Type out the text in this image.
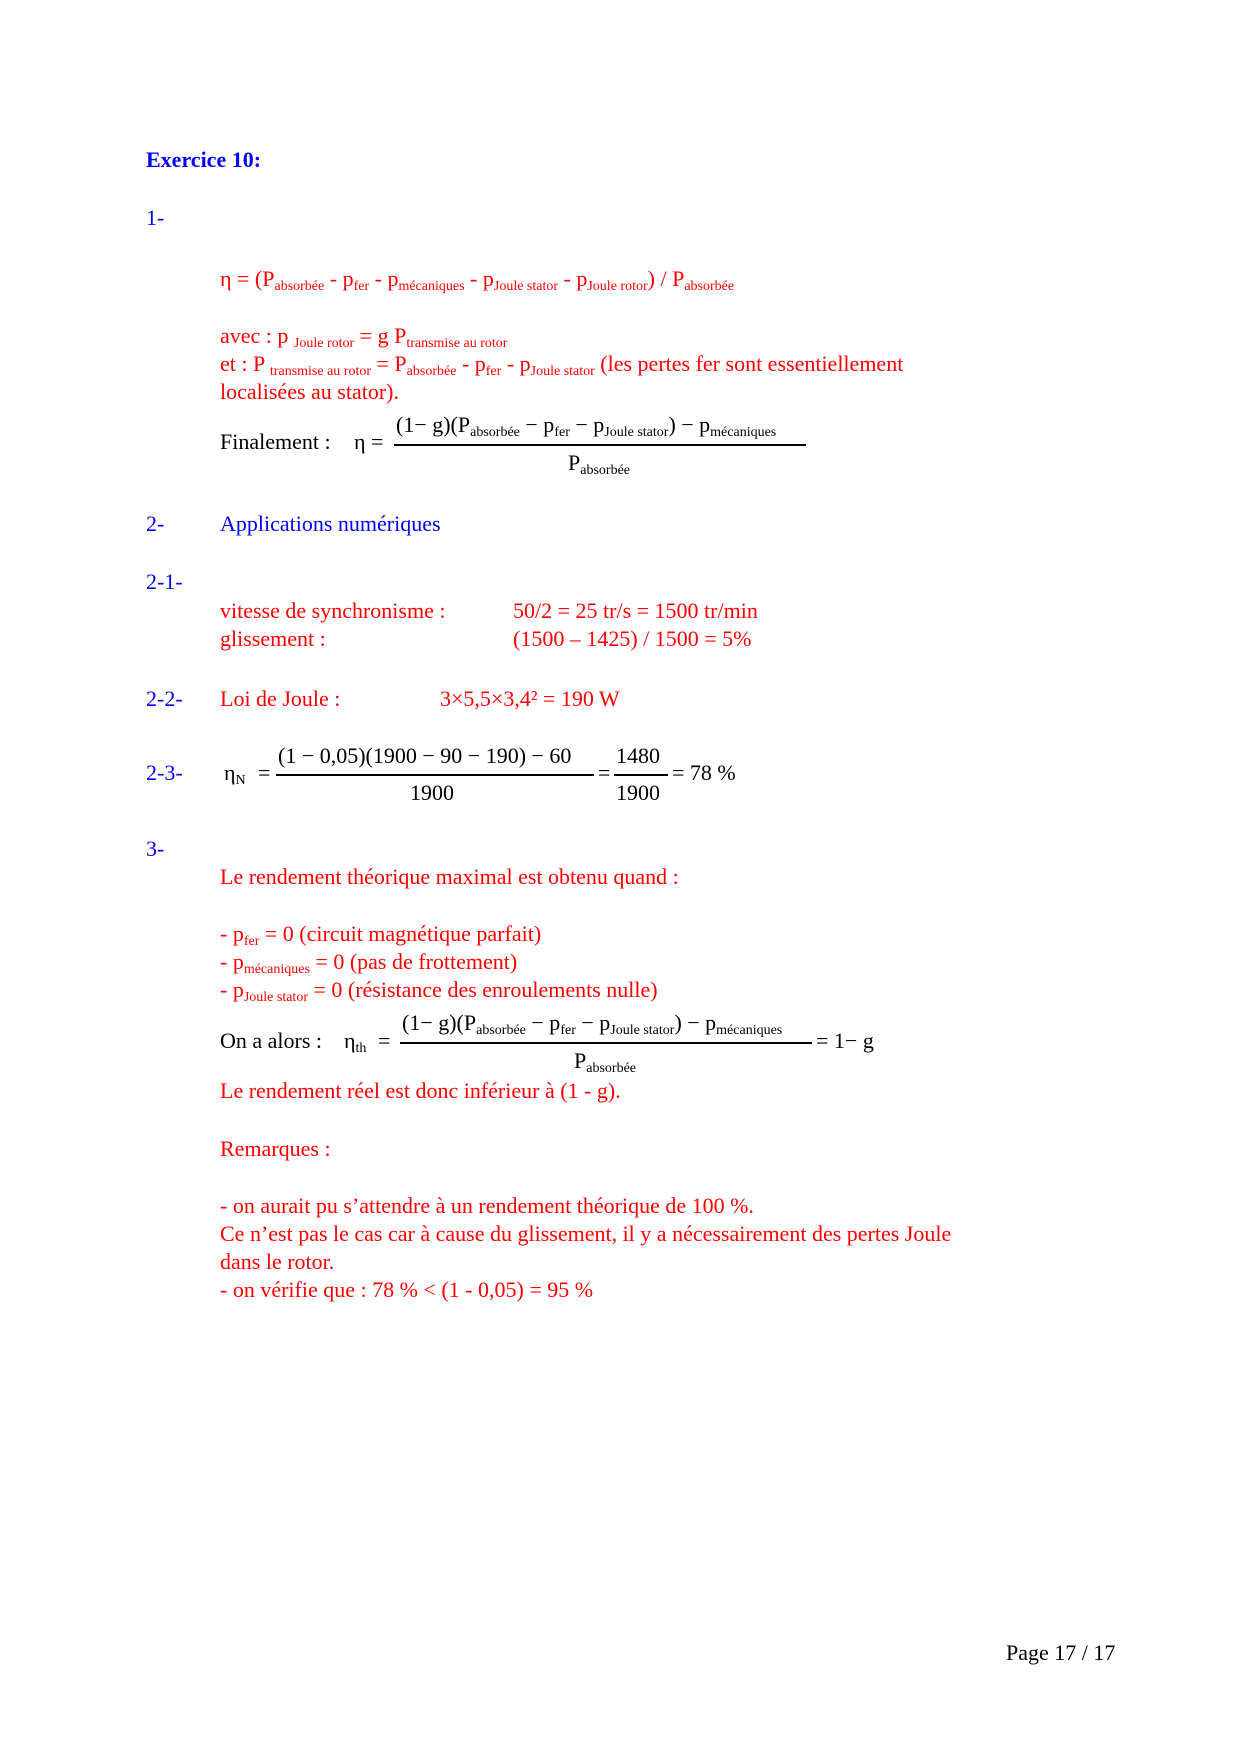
Exercice 10:
1-
$\eta = (P_{absorbée} - p_{fer} - p_{mécaniques} - p_{Joule stator} - p_{Joule rotor}) / P_{absorbée}$
avec : p $_{Joule rotor}$ = g $P_{transmise au rotor}$
et : P $_{transmise au rotor} = P_{absorbée} - p_{fer} - p_{Joule stator}$ (les pertes fer sont essentiellement
localisées au stator).
Finalement : η =
$(1- g)(P_{absorbée} - p_{fer} - p_{Joule stator}) - p_{mécaniques}$
$P_{absorbée}$
2-	Applications numériques
2-1-
vitesse de synchronisme :	50/2 = 25 tr/s = 1500 tr/min
glissement :	(1500 – 1425) / 1500 = 5%
2-2- Loi de Joule :	3×5,5×3,4² = 190 W
2-3- $\eta_N$ =
(1 − 0,05)(1900 − 90 − 190) − 60
1900
=
1480
1900
= 78 %
3-
Le rendement théorique maximal est obtenu quand :
- $p_{fer} = 0$ (circuit magnétique parfait)
- $p_{mécaniques} = 0$ (pas de frottement)
- $p_{Joule stator} = 0$ (résistance des enroulements nulle)
On a alors : $\eta_{th}$ =
$(1- g)(P_{absorbée} - p_{fer} - p_{Joule stator}) - p_{mécaniques}$
$P_{absorbée}$
= 1− g
Le rendement réel est donc inférieur à (1 - g).
Remarques :
- on aurait pu s’attendre à un rendement théorique de 100 %.
Ce n’est pas le cas car à cause du glissement, il y a nécessairement des pertes Joule
dans le rotor.
- on vérifie que : 78 % < (1 - 0,05) = 95 %
Page 17 / 17
